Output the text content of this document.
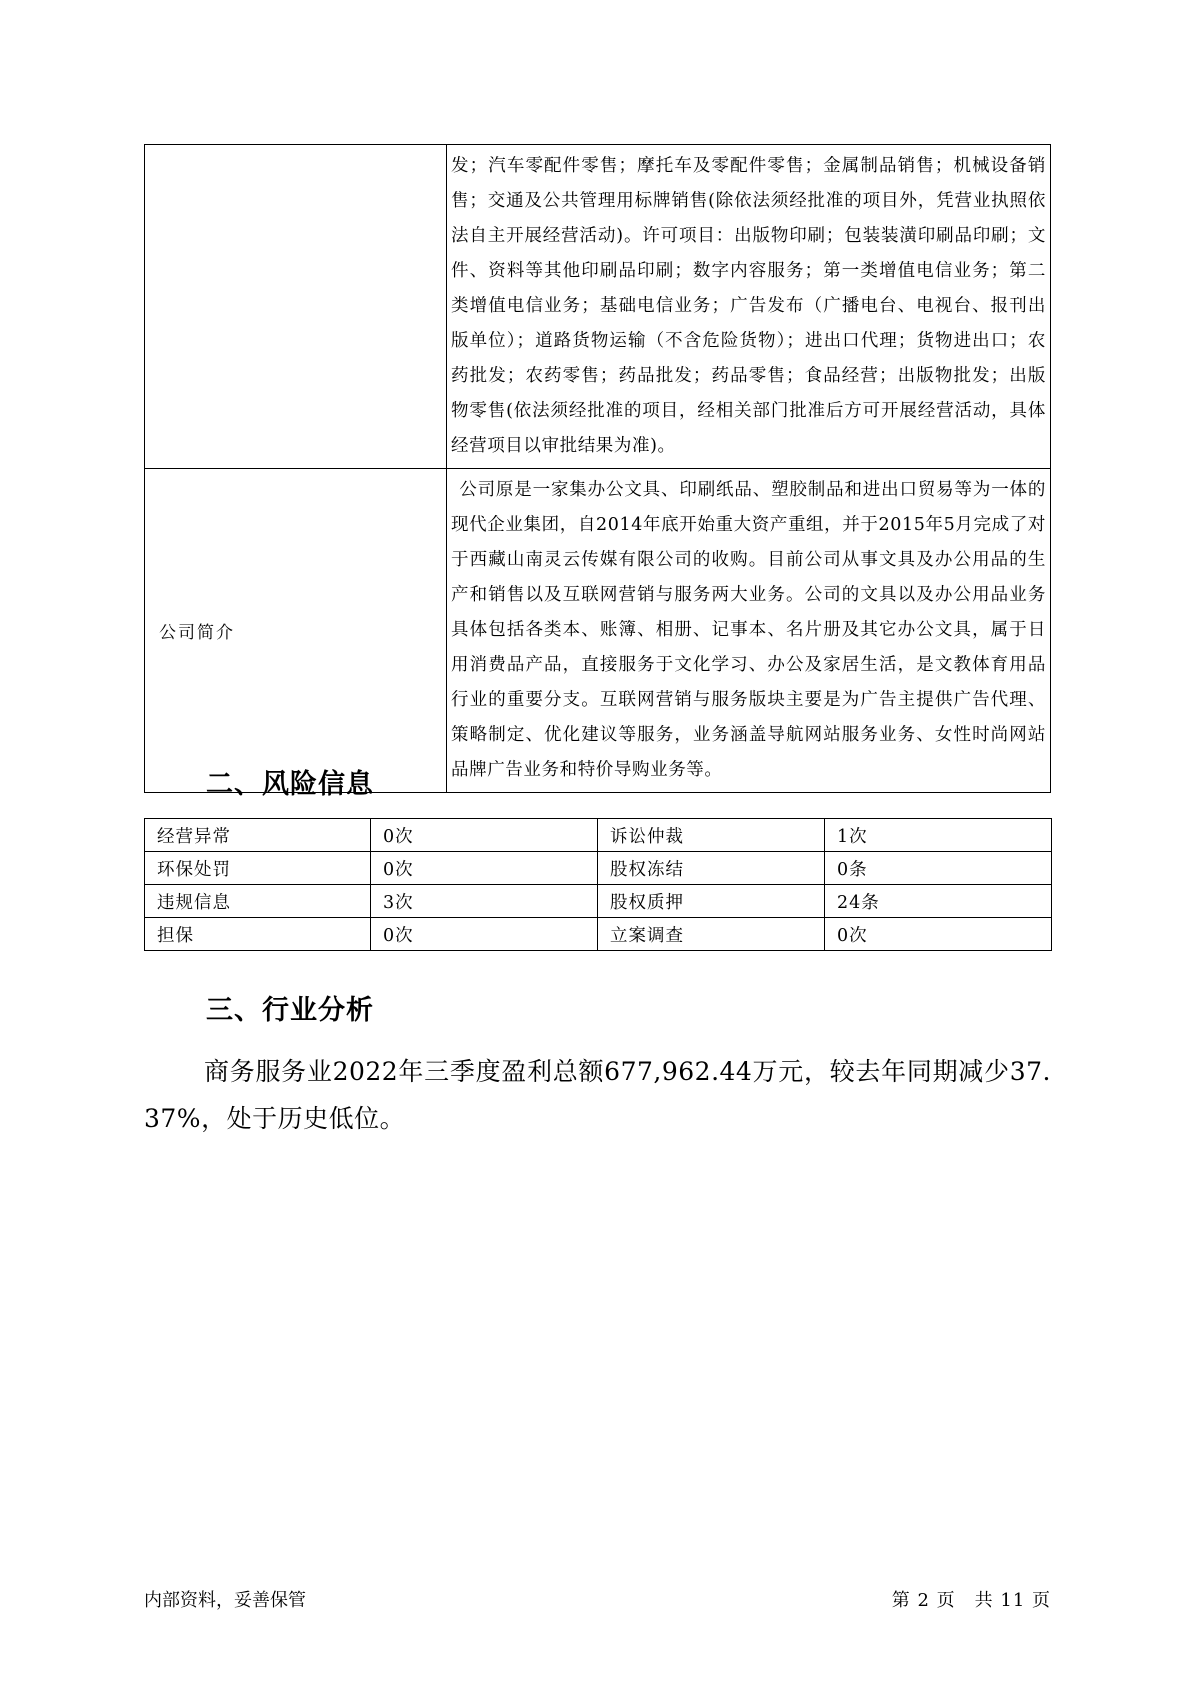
	发；汽车零配件零售；摩托车及零配件零售；金属制品销售；机械设备销售；交通及公共管理用标牌销售(除依法须经批准的项目外，凭营业执照依法自主开展经营活动)。许可项目：出版物印刷；包装装潢印刷品印刷；文件、资料等其他印刷品印刷；数字内容服务；第一类增值电信业务；第二类增值电信业务；基础电信业务；广告发布（广播电台、电视台、报刊出版单位）；道路货物运输（不含危险货物）；进出口代理；货物进出口；农药批发；农药零售；药品批发；药品零售；食品经营；出版物批发；出版物零售(依法须经批准的项目，经相关部门批准后方可开展经营活动，具体经营项目以审批结果为准)。
公司简介	公司原是一家集办公文具、印刷纸品、塑胶制品和进出口贸易等为一体的现代企业集团，自2014年底开始重大资产重组，并于2015年5月完成了对于西藏山南灵云传媒有限公司的收购。目前公司从事文具及办公用品的生产和销售以及互联网营销与服务两大业务。公司的文具以及办公用品业务具体包括各类本、账簿、相册、记事本、名片册及其它办公文具，属于日用消费品产品，直接服务于文化学习、办公及家居生活，是文教体育用品行业的重要分支。互联网营销与服务版块主要是为广告主提供广告代理、策略制定、优化建议等服务，业务涵盖导航网站服务业务、女性时尚网站品牌广告业务和特价导购业务等。
二、风险信息
经营异常	0次	诉讼仲裁	1次
环保处罚	0次	股权冻结	0条
违规信息	3次	股权质押	24条
担保	0次	立案调查	0次
三、行业分析

商务服务业2022年三季度盈利总额677,962.44万元，较去年同期减少37.37%，处于历史低位。

内部资料，妥善保管	第 2 页　共 11 页
